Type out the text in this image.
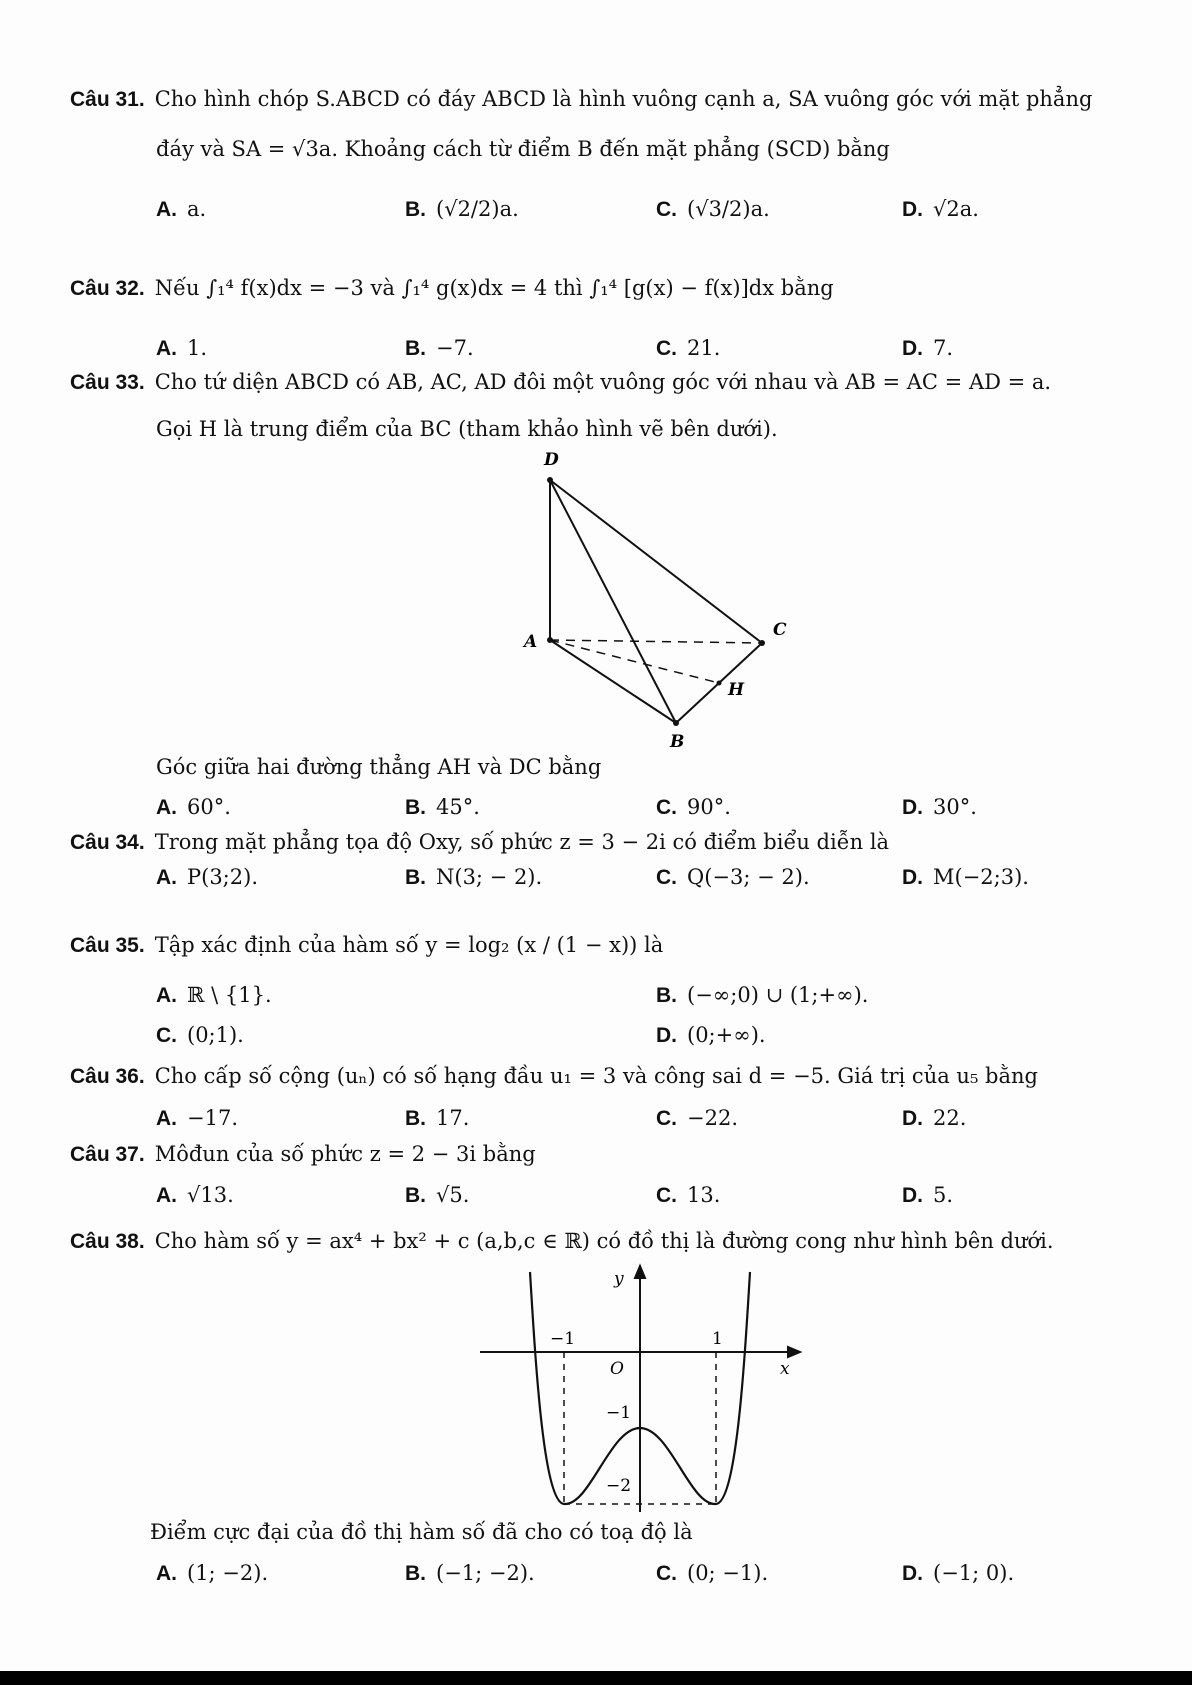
Câu 31. Cho hình chóp S.ABCD có đáy ABCD là hình vuông cạnh a, SA vuông góc với mặt phẳng
đáy và SA = √3a. Khoảng cách từ điểm B đến mặt phẳng (SCD) bằng
A. a.	B. (√2/2)a.	C. (√3/2)a.	D. √2a.
Câu 32. Nếu ∫₁⁴ f(x)dx = −3 và ∫₁⁴ g(x)dx = 4 thì ∫₁⁴ [g(x) − f(x)]dx bằng
A. 1.	B. −7.	C. 21.	D. 7.
Câu 33. Cho tứ diện ABCD có AB, AC, AD đôi một vuông góc với nhau và AB = AC = AD = a.
Gọi H là trung điểm của BC (tham khảo hình vẽ bên dưới).
D
A
C
H
B
Góc giữa hai đường thẳng AH và DC bằng
A. 60°.	B. 45°.	C. 90°.	D. 30°.
Câu 34. Trong mặt phẳng tọa độ Oxy, số phức z = 3 − 2i có điểm biểu diễn là
A. P(3;2).	B. N(3; − 2).	C. Q(−3; − 2).	D. M(−2;3).
Câu 35. Tập xác định của hàm số y = log₂ (x / (1 − x)) là
A. ℝ \ {1}.	B. (−∞;0) ∪ (1;+∞).
C. (0;1).	D. (0;+∞).
Câu 36. Cho cấp số cộng (uₙ) có số hạng đầu u₁ = 3 và công sai d = −5. Giá trị của u₅ bằng
A. −17.	B. 17.	C. −22.	D. 22.
Câu 37. Môđun của số phức z = 2 − 3i bằng
A. √13.	B. √5.	C. 13.	D. 5.
Câu 38. Cho hàm số y = ax⁴ + bx² + c (a,b,c ∈ ℝ) có đồ thị là đường cong như hình bên dưới.
y
x
O
−1	1
−1
−2
Điểm cực đại của đồ thị hàm số đã cho có toạ độ là
A. (1; −2).	B. (−1; −2).	C. (0; −1).	D. (−1; 0).
